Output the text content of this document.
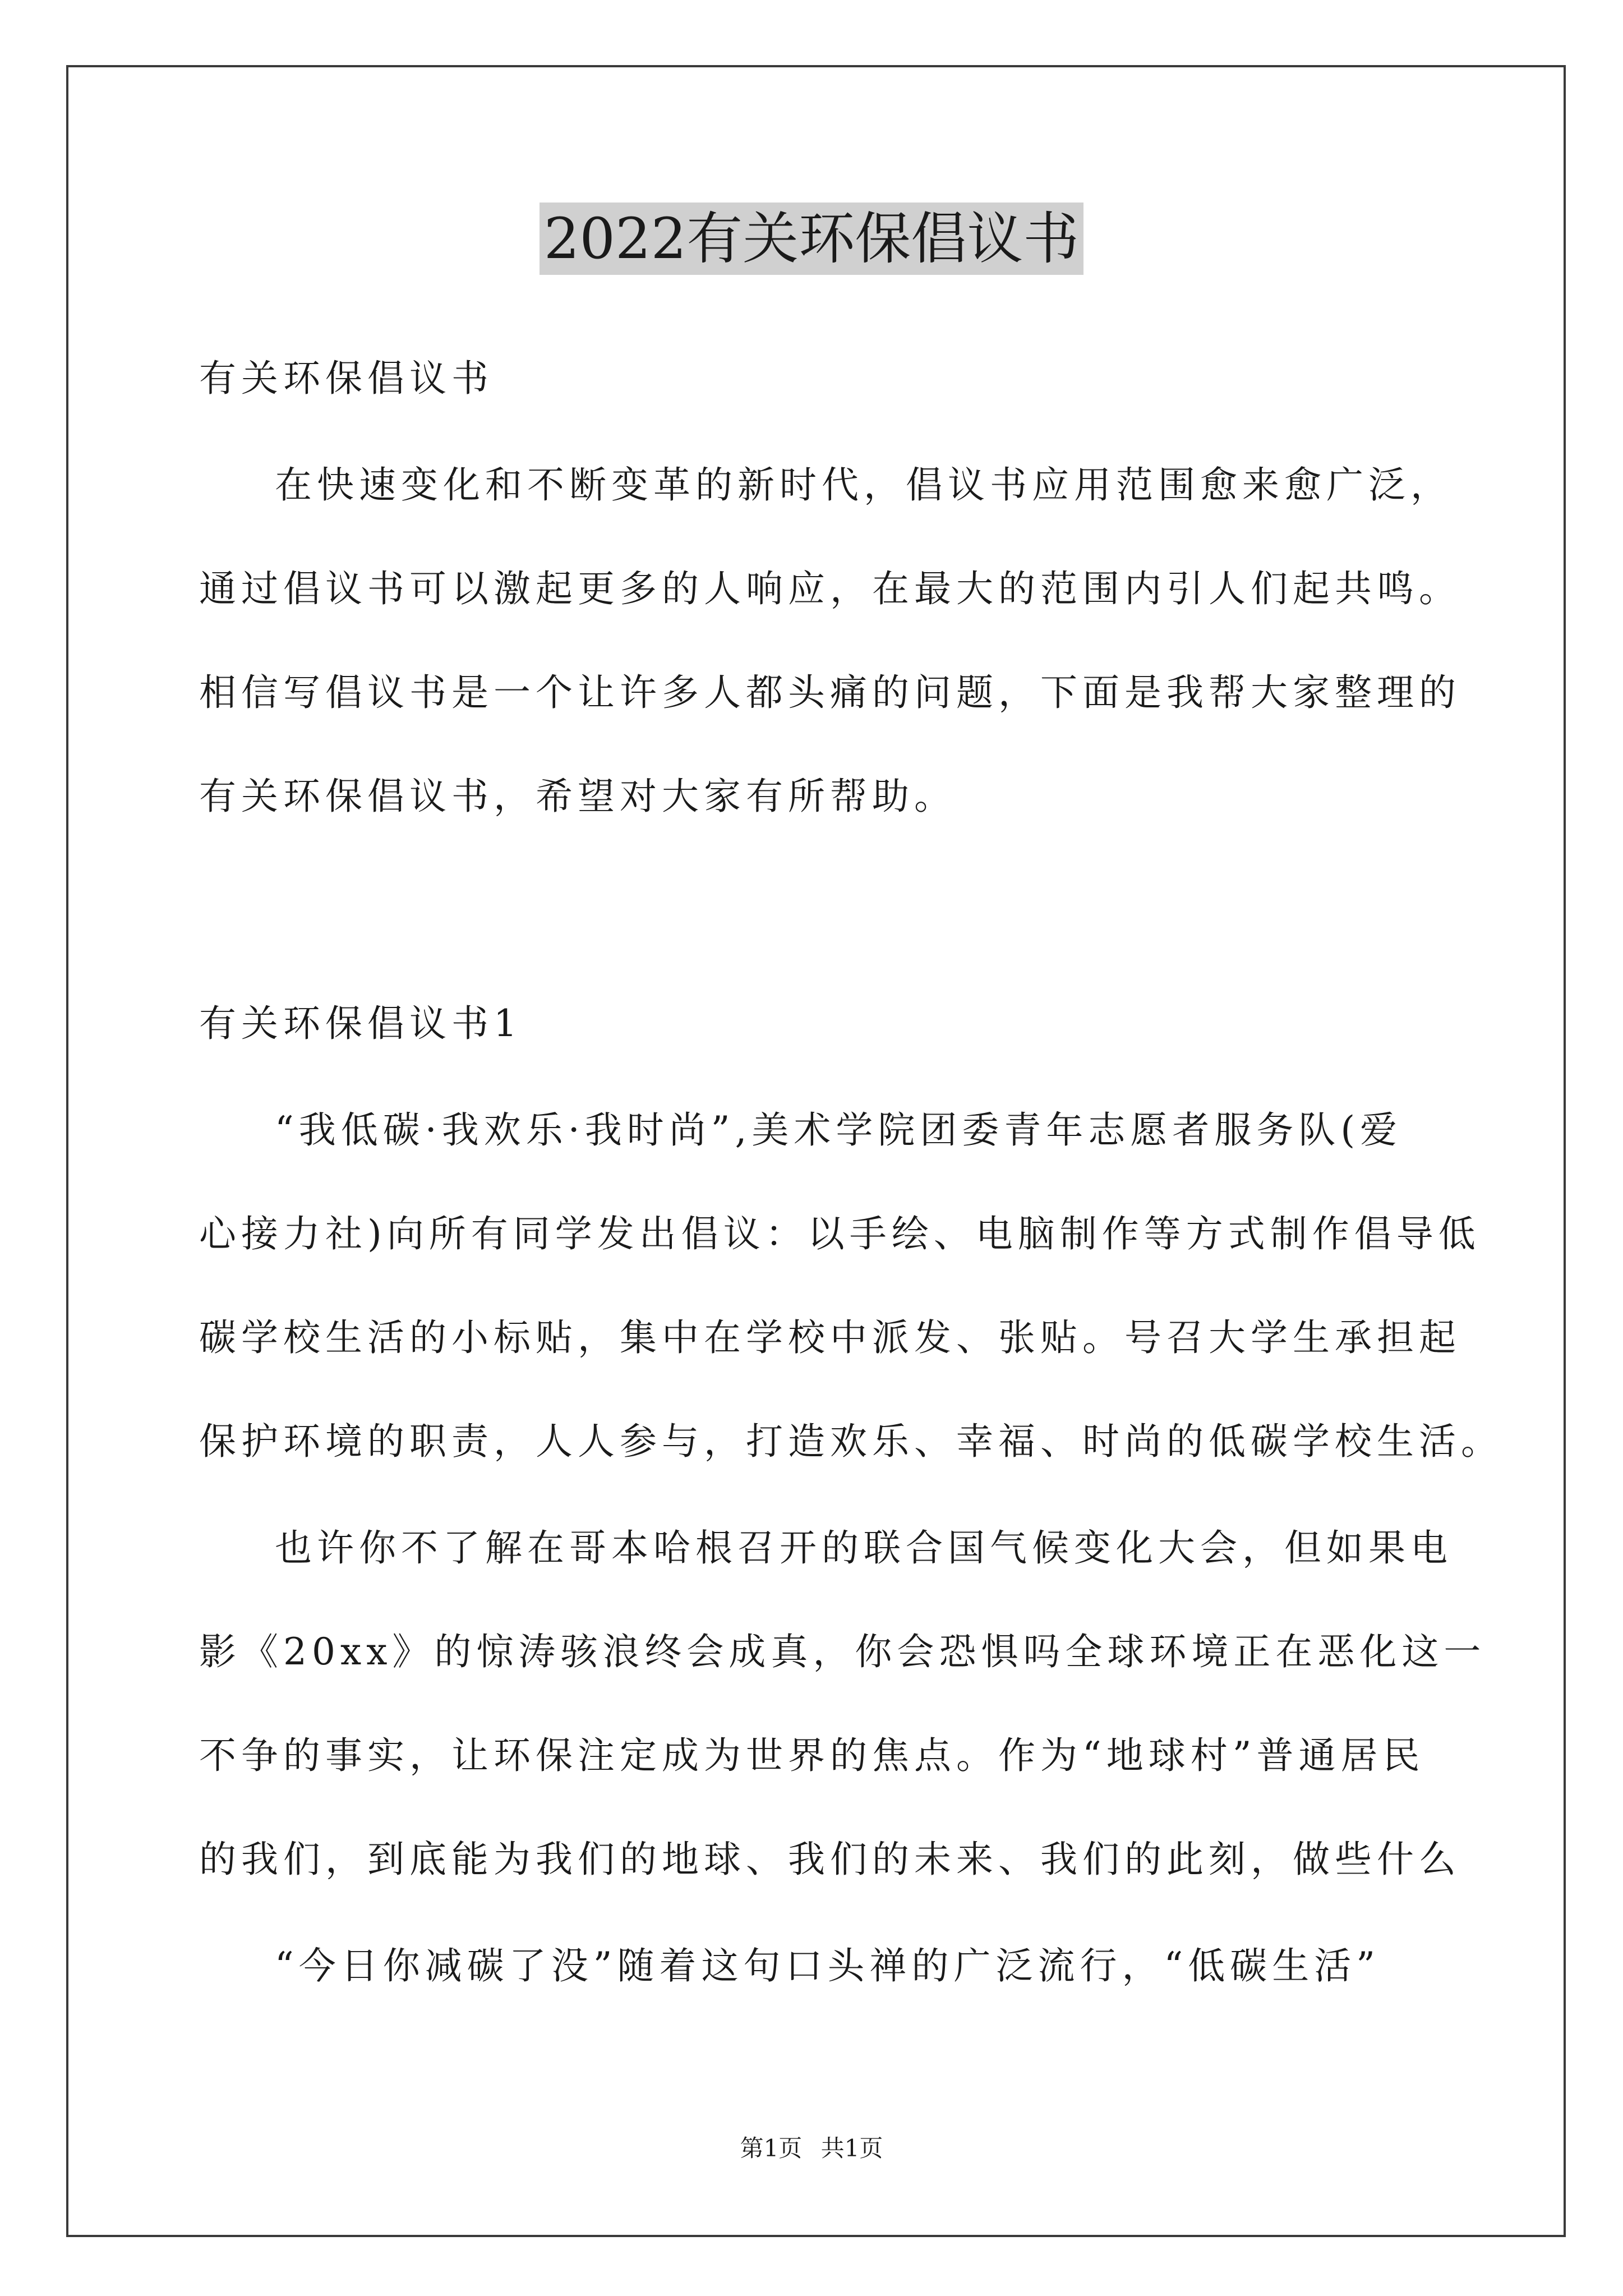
2022有关环保倡议书
有关环保倡议书
在快速变化和不断变革的新时代，倡议书应用范围愈来愈广泛，
通过倡议书可以激起更多的人响应，在最大的范围内引人们起共鸣。
相信写倡议书是一个让许多人都头痛的问题，下面是我帮大家整理的
有关环保倡议书，希望对大家有所帮助。
有关环保倡议书1
“我低碳·我欢乐·我时尚”,美术学院团委青年志愿者服务队(爱
心接力社)向所有同学发出倡议：以手绘、电脑制作等方式制作倡导低
碳学校生活的小标贴，集中在学校中派发、张贴。号召大学生承担起
保护环境的职责，人人参与，打造欢乐、幸福、时尚的低碳学校生活。
也许你不了解在哥本哈根召开的联合国气候变化大会，但如果电
影《20xx》的惊涛骇浪终会成真，你会恐惧吗全球环境正在恶化这一
不争的事实，让环保注定成为世界的焦点。作为“地球村”普通居民
的我们，到底能为我们的地球、我们的未来、我们的此刻，做些什么
“今日你减碳了没”随着这句口头禅的广泛流行，“低碳生活”
第1页 共1页
